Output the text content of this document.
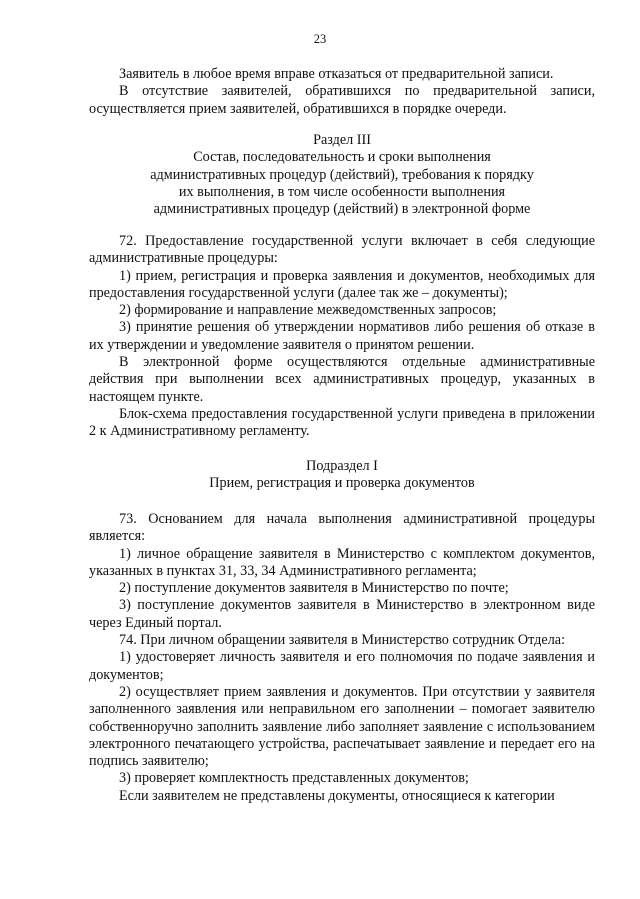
23

Заявитель в любое время вправе отказаться от предварительной записи.

В отсутствие заявителей, обратившихся по предварительной записи, осуществляется прием заявителей, обратившихся в порядке очереди.

Раздел III
Состав, последовательность и сроки выполнения
административных процедур (действий), требования к порядку
их выполнения, в том числе особенности выполнения
административных процедур (действий) в электронной форме

72. Предоставление государственной услуги включает в себя следующие административные процедуры:

1) прием, регистрация и проверка заявления и документов, необходимых для предоставления государственной услуги (далее так же – документы);

2) формирование и направление межведомственных запросов;

3) принятие решения об утверждении нормативов либо решения об отказе в их утверждении и уведомление заявителя о принятом решении.

В электронной форме осуществляются отдельные административные действия при выполнении всех административных процедур, указанных в настоящем пункте.

Блок-схема предоставления государственной услуги приведена в приложении 2 к Административному регламенту.

Подраздел I
Прием, регистрация и проверка документов

73. Основанием для начала выполнения административной процедуры является:

1) личное обращение заявителя в Министерство с комплектом документов, указанных в пунктах 31, 33, 34 Административного регламента;

2) поступление документов заявителя в Министерство по почте;

3) поступление документов заявителя в Министерство в электронном виде через Единый портал.

74. При личном обращении заявителя в Министерство сотрудник Отдела:

1) удостоверяет личность заявителя и его полномочия по подаче заявления и документов;

2) осуществляет прием заявления и документов. При отсутствии у заявителя заполненного заявления или неправильном его заполнении – помогает заявителю собственноручно заполнить заявление либо заполняет заявление с использованием электронного печатающего устройства, распечатывает заявление и передает его на подпись заявителю;

3) проверяет комплектность представленных документов;

Если заявителем не представлены документы, относящиеся к категории
